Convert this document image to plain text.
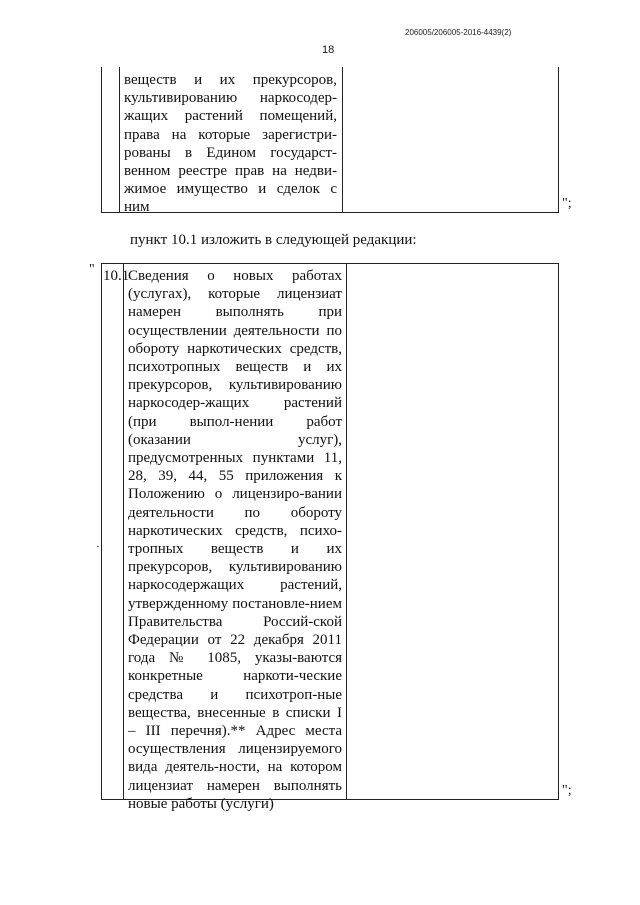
206005/206005-2016-4439(2)
18
веществ и их прекурсоров, культивированию наркосодер-жащих растений помещений, права на которые зарегистри-рованы в Едином государст-венном реестре прав на недви-жимое имущество и сделок с ним	";
пункт 10.1 изложить в следующей редакции:
" 10.1
Сведения о новых работах (услугах), которые лицензиат намерен выполнять при осуществлении деятельности по обороту наркотических средств, психотропных веществ и их прекурсоров, культивированию наркосодер-жащих растений (при выпол-нении работ (оказании услуг), предусмотренных пунктами 11, 28, 39, 44, 55 приложения к Положению о лицензиро-вании деятельности по обороту наркотических средств, психо-тропных веществ и их прекурсоров, культивированию наркосодержащих растений, утвержденному постановле-нием Правительства Россий-ской Федерации от 22 декабря 2011 года № 1085, указы-ваются конкретные наркоти-ческие средства и психотроп-ные вещества, внесенные в списки I – III перечня).** Адрес места осуществления лицензируемого вида деятель-ности, на котором лицензиат намерен выполнять новые работы (услуги)
";
·
